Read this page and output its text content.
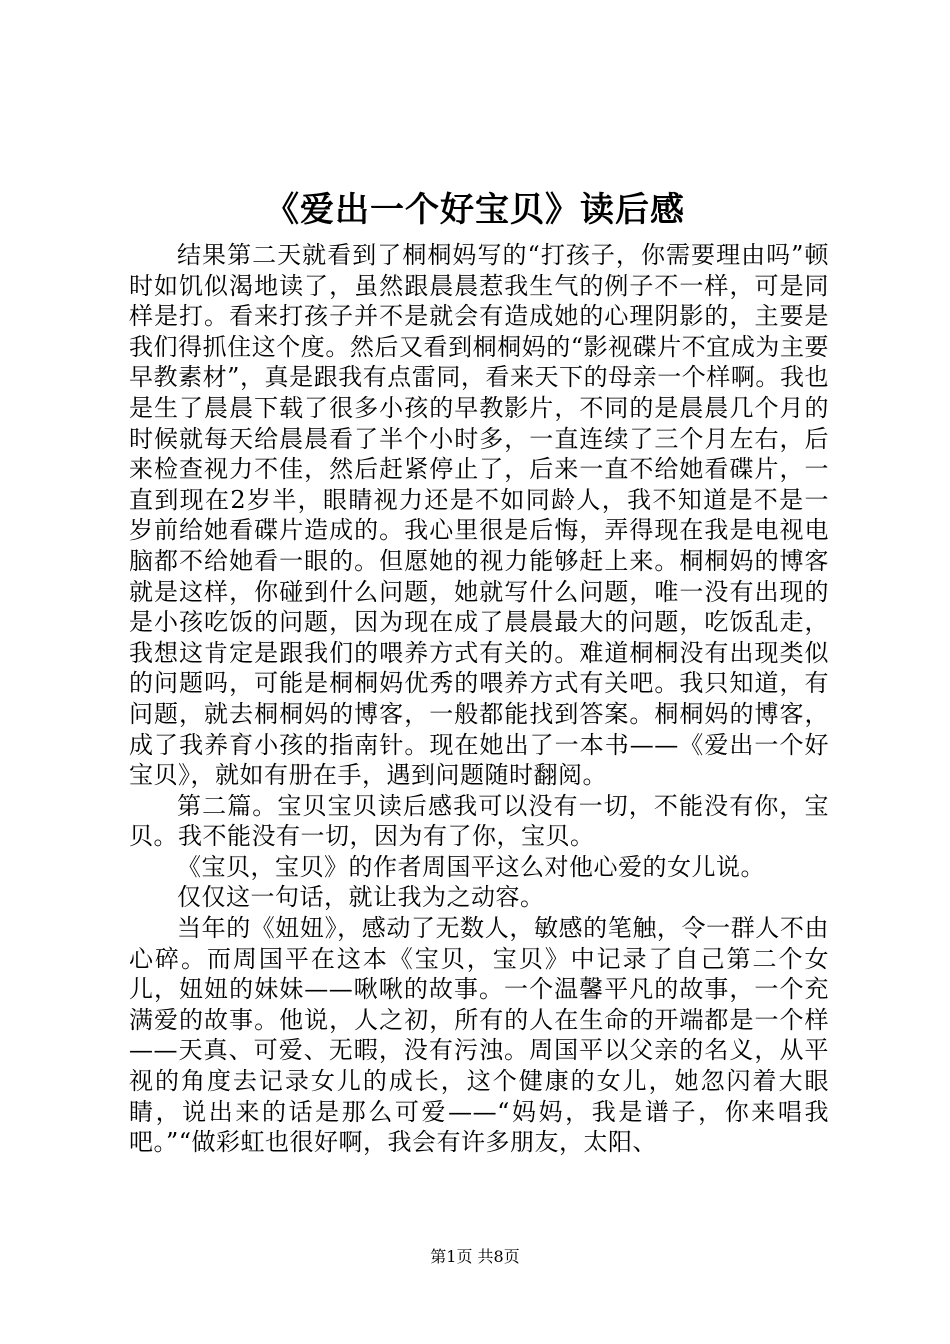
《爱出一个好宝贝》读后感

结果第二天就看到了桐桐妈写的“打孩子，你需要理由吗”顿时如饥似渴地读了，虽然跟晨晨惹我生气的例子不一样，可是同样是打。看来打孩子并不是就会有造成她的心理阴影的，主要是我们得抓住这个度。然后又看到桐桐妈的“影视碟片不宜成为主要早教素材”，真是跟我有点雷同，看来天下的母亲一个样啊。我也是生了晨晨下载了很多小孩的早教影片，不同的是晨晨几个月的时候就每天给晨晨看了半个小时多，一直连续了三个月左右，后来检查视力不佳，然后赶紧停止了，后来一直不给她看碟片，一直到现在2岁半，眼睛视力还是不如同龄人，我不知道是不是一岁前给她看碟片造成的。我心里很是后悔，弄得现在我是电视电脑都不给她看一眼的。但愿她的视力能够赶上来。桐桐妈的博客就是这样，你碰到什么问题，她就写什么问题，唯一没有出现的是小孩吃饭的问题，因为现在成了晨晨最大的问题，吃饭乱走，我想这肯定是跟我们的喂养方式有关的。难道桐桐没有出现类似的问题吗，可能是桐桐妈优秀的喂养方式有关吧。我只知道，有问题，就去桐桐妈的博客，一般都能找到答案。桐桐妈的博客，成了我养育小孩的指南针。现在她出了一本书——《爱出一个好宝贝》，就如有册在手，遇到问题随时翻阅。

第二篇。宝贝宝贝读后感我可以没有一切，不能没有你，宝贝。我不能没有一切，因为有了你，宝贝。

《宝贝，宝贝》的作者周国平这么对他心爱的女儿说。

仅仅这一句话，就让我为之动容。

当年的《妞妞》，感动了无数人，敏感的笔触，令一群人不由心碎。而周国平在这本《宝贝，宝贝》中记录了自己第二个女儿，妞妞的妹妹——啾啾的故事。一个温馨平凡的故事，一个充满爱的故事。他说，人之初，所有的人在生命的开端都是一个样——天真、可爱、无暇，没有污浊。周国平以父亲的名义，从平视的角度去记录女儿的成长，这个健康的女儿，她忽闪着大眼睛，说出来的话是那么可爱——“妈妈，我是谱子，你来唱我吧。”“做彩虹也很好啊，我会有许多朋友，太阳、

第1页 共8页
